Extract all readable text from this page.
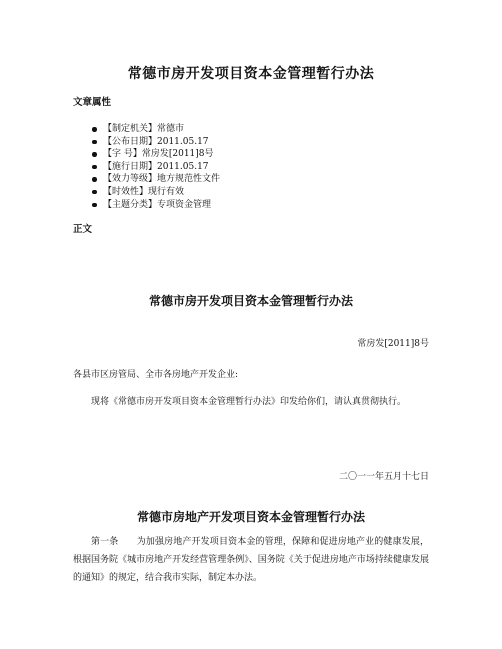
常德市房开发项目资本金管理暂行办法
文章属性
【制定机关】常德市
【公布日期】2011.05.17
【字 号】常房发[2011]8号
【施行日期】2011.05.17
【效力等级】地方规范性文件
【时效性】现行有效
【主题分类】专项资金管理
正文
常德市房开发项目资本金管理暂行办法
常房发[2011]8号

各县市区房管局、全市各房地产开发企业:

现将《常德市房开发项目资本金管理暂行办法》印发给你们，请认真贯彻执行。

二〇一一年五月十七日
常德市房地产开发项目资本金管理暂行办法

第一条　　为加强房地产开发项目资本金的管理，保障和促进房地产业的健康发展，根据国务院《城市房地产开发经营管理条例》、国务院《关于促进房地产市场持续健康发展的通知》的规定，结合我市实际，制定本办法。
